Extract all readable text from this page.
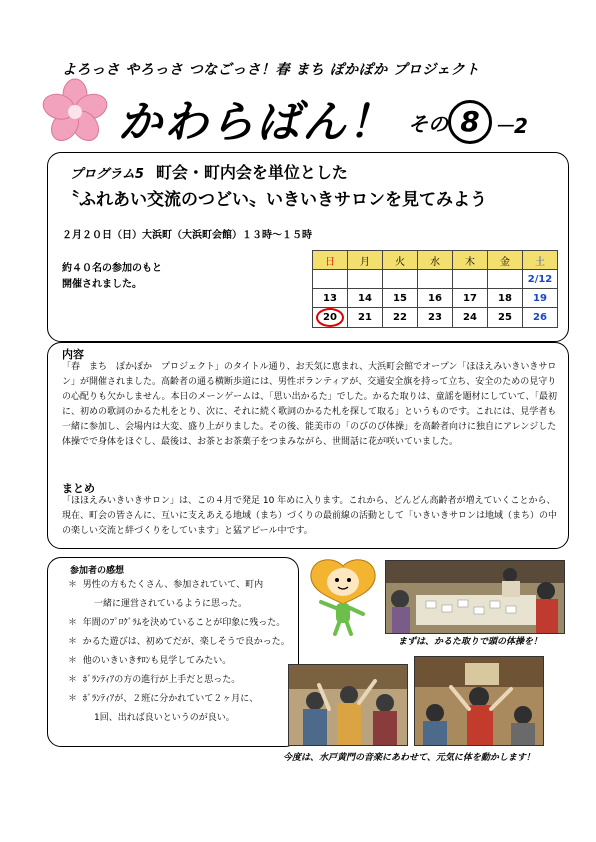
よろっさ やろっさ つなごっさ！春 まち ぽかぽか プロジェクト
かわらばん！ その 8 －2
プログラム5 町会・町内会を単位とした
〝ふれあい交流のつどい〟いきいきサロンを見てみよう
２月２０日（日）大浜町（大浜町会館）１３時～１５時
約４０名の参加のもと
開催されました。
日	月	火	水	木	金	土
						2/12
13	14	15	16	17	18	19
20	21	22	23	24	25	26
内容
「春　まち　ぽかぽか　プロジェクト」のタイトル通り、お天気に恵まれ、大浜町会館でオープン「ほほえみいきいきサロン」が開催されました。高齢者の通る横断歩道には、男性ボランティアが、交通安全旗を持って立ち、安全のための見守りの心配りも欠かしません。本日のメーンゲームは、「思い出かるた」でした。かるた取りは、童謡を題材にしていて、「最初に、初めの歌詞のかるた札をとり、次に、それに続く歌詞のかるた札を探して取る」というものです。これには、見学者も一緒に参加し、会場内は大変、盛り上がりました。その後、能美市の「のびのび体操」を高齢者向けに独自にアレンジした体操でで身体をほぐし、最後は、お茶とお茶菓子をつまみながら、世間話に花が咲いていました。
まとめ
「ほほえみいきいきサロン」は、この４月で発足 10 年めに入ります。これから、どんどん高齢者が増えていくことから、現在、町会の皆さんに、互いに支えあえる地域（まち）づくりの最前線の活動として「いきいきサロンは地域（まち）の中の楽しい交流と絆づくりをしています」と猛アピール中です。
参加者の感想
＊ 男性の方もたくさん、参加されていて、町内
一緒に運営されているように思った。
＊ 年間のﾌﾟﾛｸﾞﾗﾑを決めていることが印象に残った。
＊ かるた遊びは、初めてだが、楽しそうで良かった。
＊ 他のいきいきｻﾛﾝも見学してみたい。
＊ ﾎﾞﾗﾝﾃｨｱの方の進行が上手だと思った。
＊ ﾎﾞﾗﾝﾃｨｱが、２班に分かれていて２ヶ月に、
1回、出れば良いというのが良い。
まずは、かるた取りで頭の体操を！
今度は、水戸黄門の音楽にあわせて、元気に体を動かします！
